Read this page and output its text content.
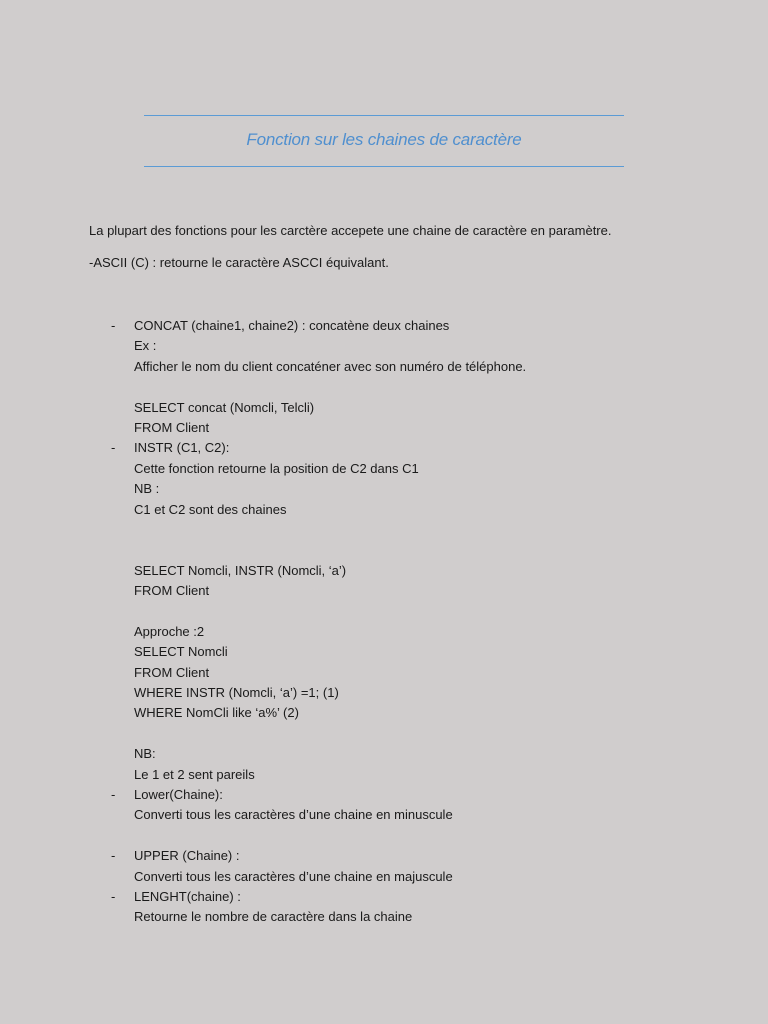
Fonction sur les chaines de caractère
La plupart des fonctions pour les carctère accepete une chaine de caractère en paramètre.
-ASCII (C) : retourne le caractère ASCCI équivalant.
- CONCAT (chaine1, chaine2) : concatène deux chaines
Ex :
Afficher le nom du client concaténer avec son numéro de téléphone.
SELECT concat (Nomcli, Telcli)
FROM Client
- INSTR (C1, C2):
Cette fonction retourne la position de C2 dans C1
NB :
C1 et C2 sont des chaines
SELECT Nomcli, INSTR (Nomcli, ‘a’)
FROM Client
Approche :2
SELECT Nomcli
FROM Client
WHERE INSTR (Nomcli, ‘a’) =1; (1)
WHERE NomCli like ‘a%’ (2)
NB:
Le 1 et 2 sent pareils
- Lower(Chaine):
Converti tous les caractères d’une chaine en minuscule
- UPPER (Chaine) :
Converti tous les caractères d’une chaine en majuscule
- LENGHT(chaine) :
Retourne le nombre de caractère dans la chaine
